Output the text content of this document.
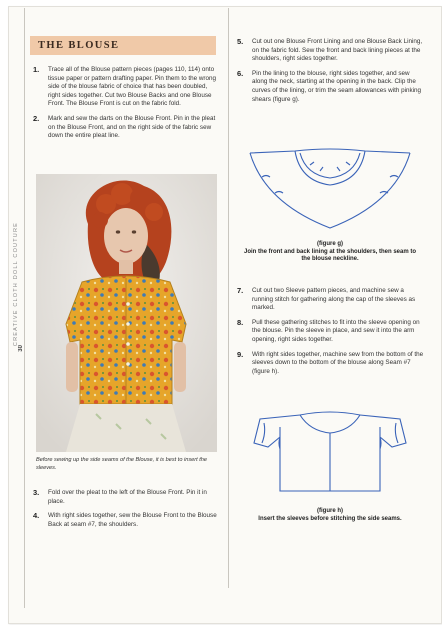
CREATIVE CLOTH DOLL COUTURE
30
THE BLOUSE
1. Trace all of the Blouse pattern pieces (pages 110, 114) onto tissue paper or pattern drafting paper. Pin them to the wrong side of the blouse fabric of choice that has been doubled, right sides together. Cut two Blouse Backs and one Blouse Front. The Blouse Front is cut on the fabric fold.
2. Mark and sew the darts on the Blouse Front. Pin in the pleat on the Blouse Front, and on the right side of the fabric sew down the entire pleat line.
Before sewing up the side seams of the Blouse, it is best to insert the sleeves.
3. Fold over the pleat to the left of the Blouse Front. Pin it in place.
4. With right sides together, sew the Blouse Front to the Blouse Back at seam #7, the shoulders.
5. Cut out one Blouse Front Lining and one Blouse Back Lining, on the fabric fold. Sew the front and back lining pieces at the shoulders, right sides together.
6. Pin the lining to the blouse, right sides together, and sew along the neck, starting at the opening in the back. Clip the curves of the lining, or trim the seam allowances with pinking shears (figure g).
(figure g)
Join the front and back lining at the shoulders, then seam to the blouse neckline.
7. Cut out two Sleeve pattern pieces, and machine sew a running stitch for gathering along the cap of the sleeves as marked.
8. Pull these gathering stitches to fit into the sleeve opening on the blouse. Pin the sleeve in place, and sew it into the arm opening, right sides together.
9. With right sides together, machine sew from the bottom of the sleeves down to the bottom of the blouse along Seam #7 (figure h).
(figure h)
Insert the sleeves before stitching the side seams.
